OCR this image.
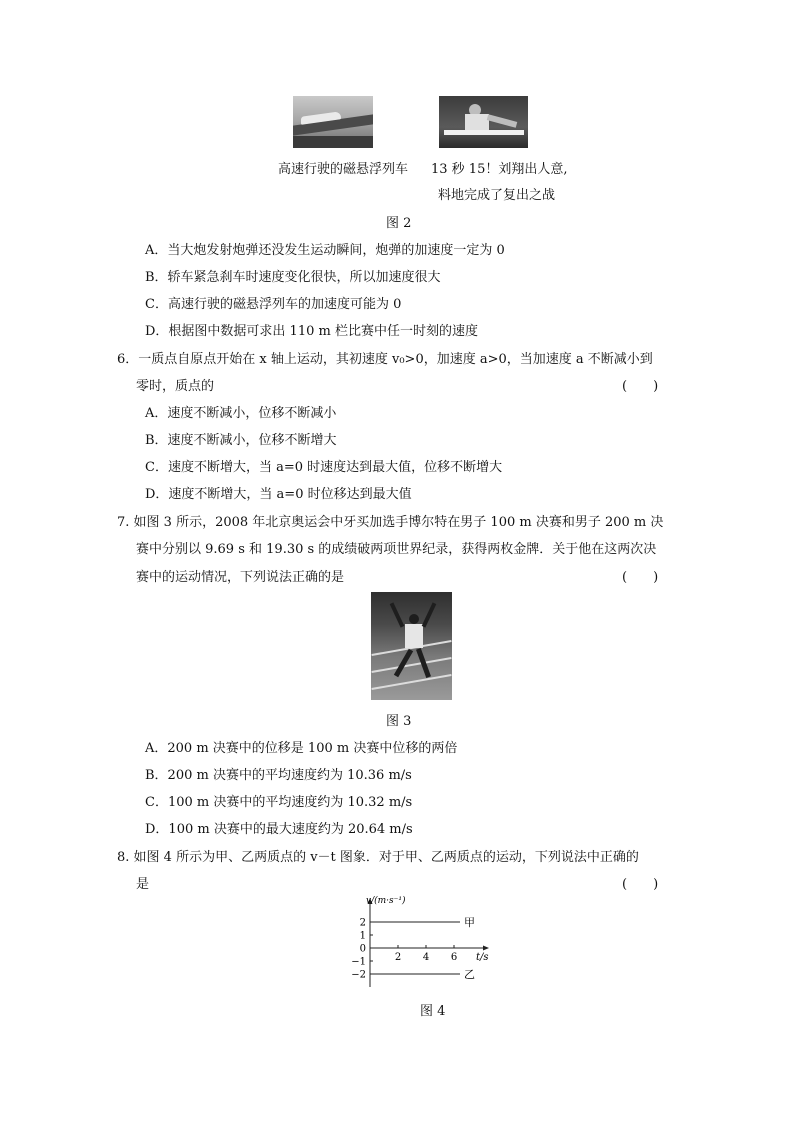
高速行驶的磁悬浮列车 13 秒 15！刘翔出人意,
料地完成了复出之战
图 2
A．当大炮发射炮弹还没发生运动瞬间，炮弹的加速度一定为 0
B．轿车紧急刹车时速度变化很快，所以加速度很大
C．高速行驶的磁悬浮列车的加速度可能为 0
D．根据图中数据可求出 110 m 栏比赛中任一时刻的速度
6．一质点自原点开始在 x 轴上运动，其初速度 v₀>0，加速度 a>0，当加速度 a 不断减小到
零时，质点的	(　　)
A．速度不断减小，位移不断减小
B．速度不断减小，位移不断增大
C．速度不断增大，当 a=0 时速度达到最大值，位移不断增大
D．速度不断增大，当 a=0 时位移达到最大值
7. 如图 3 所示，2008 年北京奥运会中牙买加选手博尔特在男子 100 m 决赛和男子 200 m 决
赛中分别以 9.69 s 和 19.30 s 的成绩破两项世界纪录，获得两枚金牌．关于他在这两次决
赛中的运动情况，下列说法正确的是	(　　)
图 3
A．200 m 决赛中的位移是 100 m 决赛中位移的两倍
B．200 m 决赛中的平均速度约为 10.36 m/s
C．100 m 决赛中的平均速度约为 10.32 m/s
D．100 m 决赛中的最大速度约为 20.64 m/s
8. 如图 4 所示为甲、乙两质点的 v－t 图象．对于甲、乙两质点的运动，下列说法中正确的
是	(　　)
v/(m·s⁻¹)
t/s
2
1
0
−1
−2
2 4 6
甲
乙
图 4
